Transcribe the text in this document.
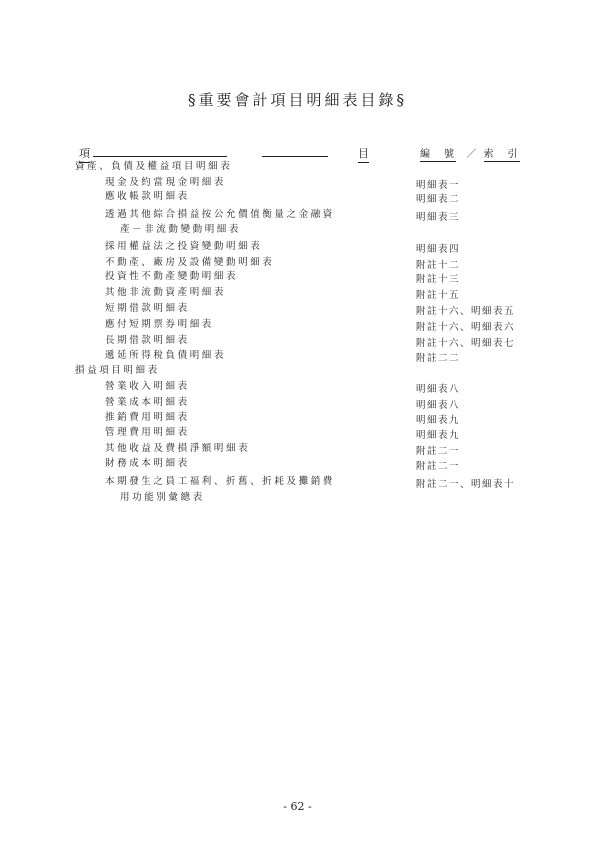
§重要會計項目明細表目錄§
項	目	編　號 ／ 索　引
資產、負債及權益項目明細表
現金及約當現金明細表	明細表一
應收帳款明細表	明細表二
透過其他綜合損益按公允價值衡量之金融資	明細表三
產－非流動變動明細表
採用權益法之投資變動明細表	明細表四
不動產、廠房及設備變動明細表	附註十二
投資性不動產變動明細表	附註十三
其他非流動資產明細表	附註十五
短期借款明細表	附註十六、明細表五
應付短期票券明細表	附註十六、明細表六
長期借款明細表	附註十六、明細表七
遞延所得稅負債明細表	附註二二
損益項目明細表
營業收入明細表	明細表八
營業成本明細表	明細表八
推銷費用明細表	明細表九
管理費用明細表	明細表九
其他收益及費損淨額明細表	附註二一
財務成本明細表	附註二一
本期發生之員工福利、折舊、折耗及攤銷費	附註二一、明細表十
用功能別彙總表
- 62 -
